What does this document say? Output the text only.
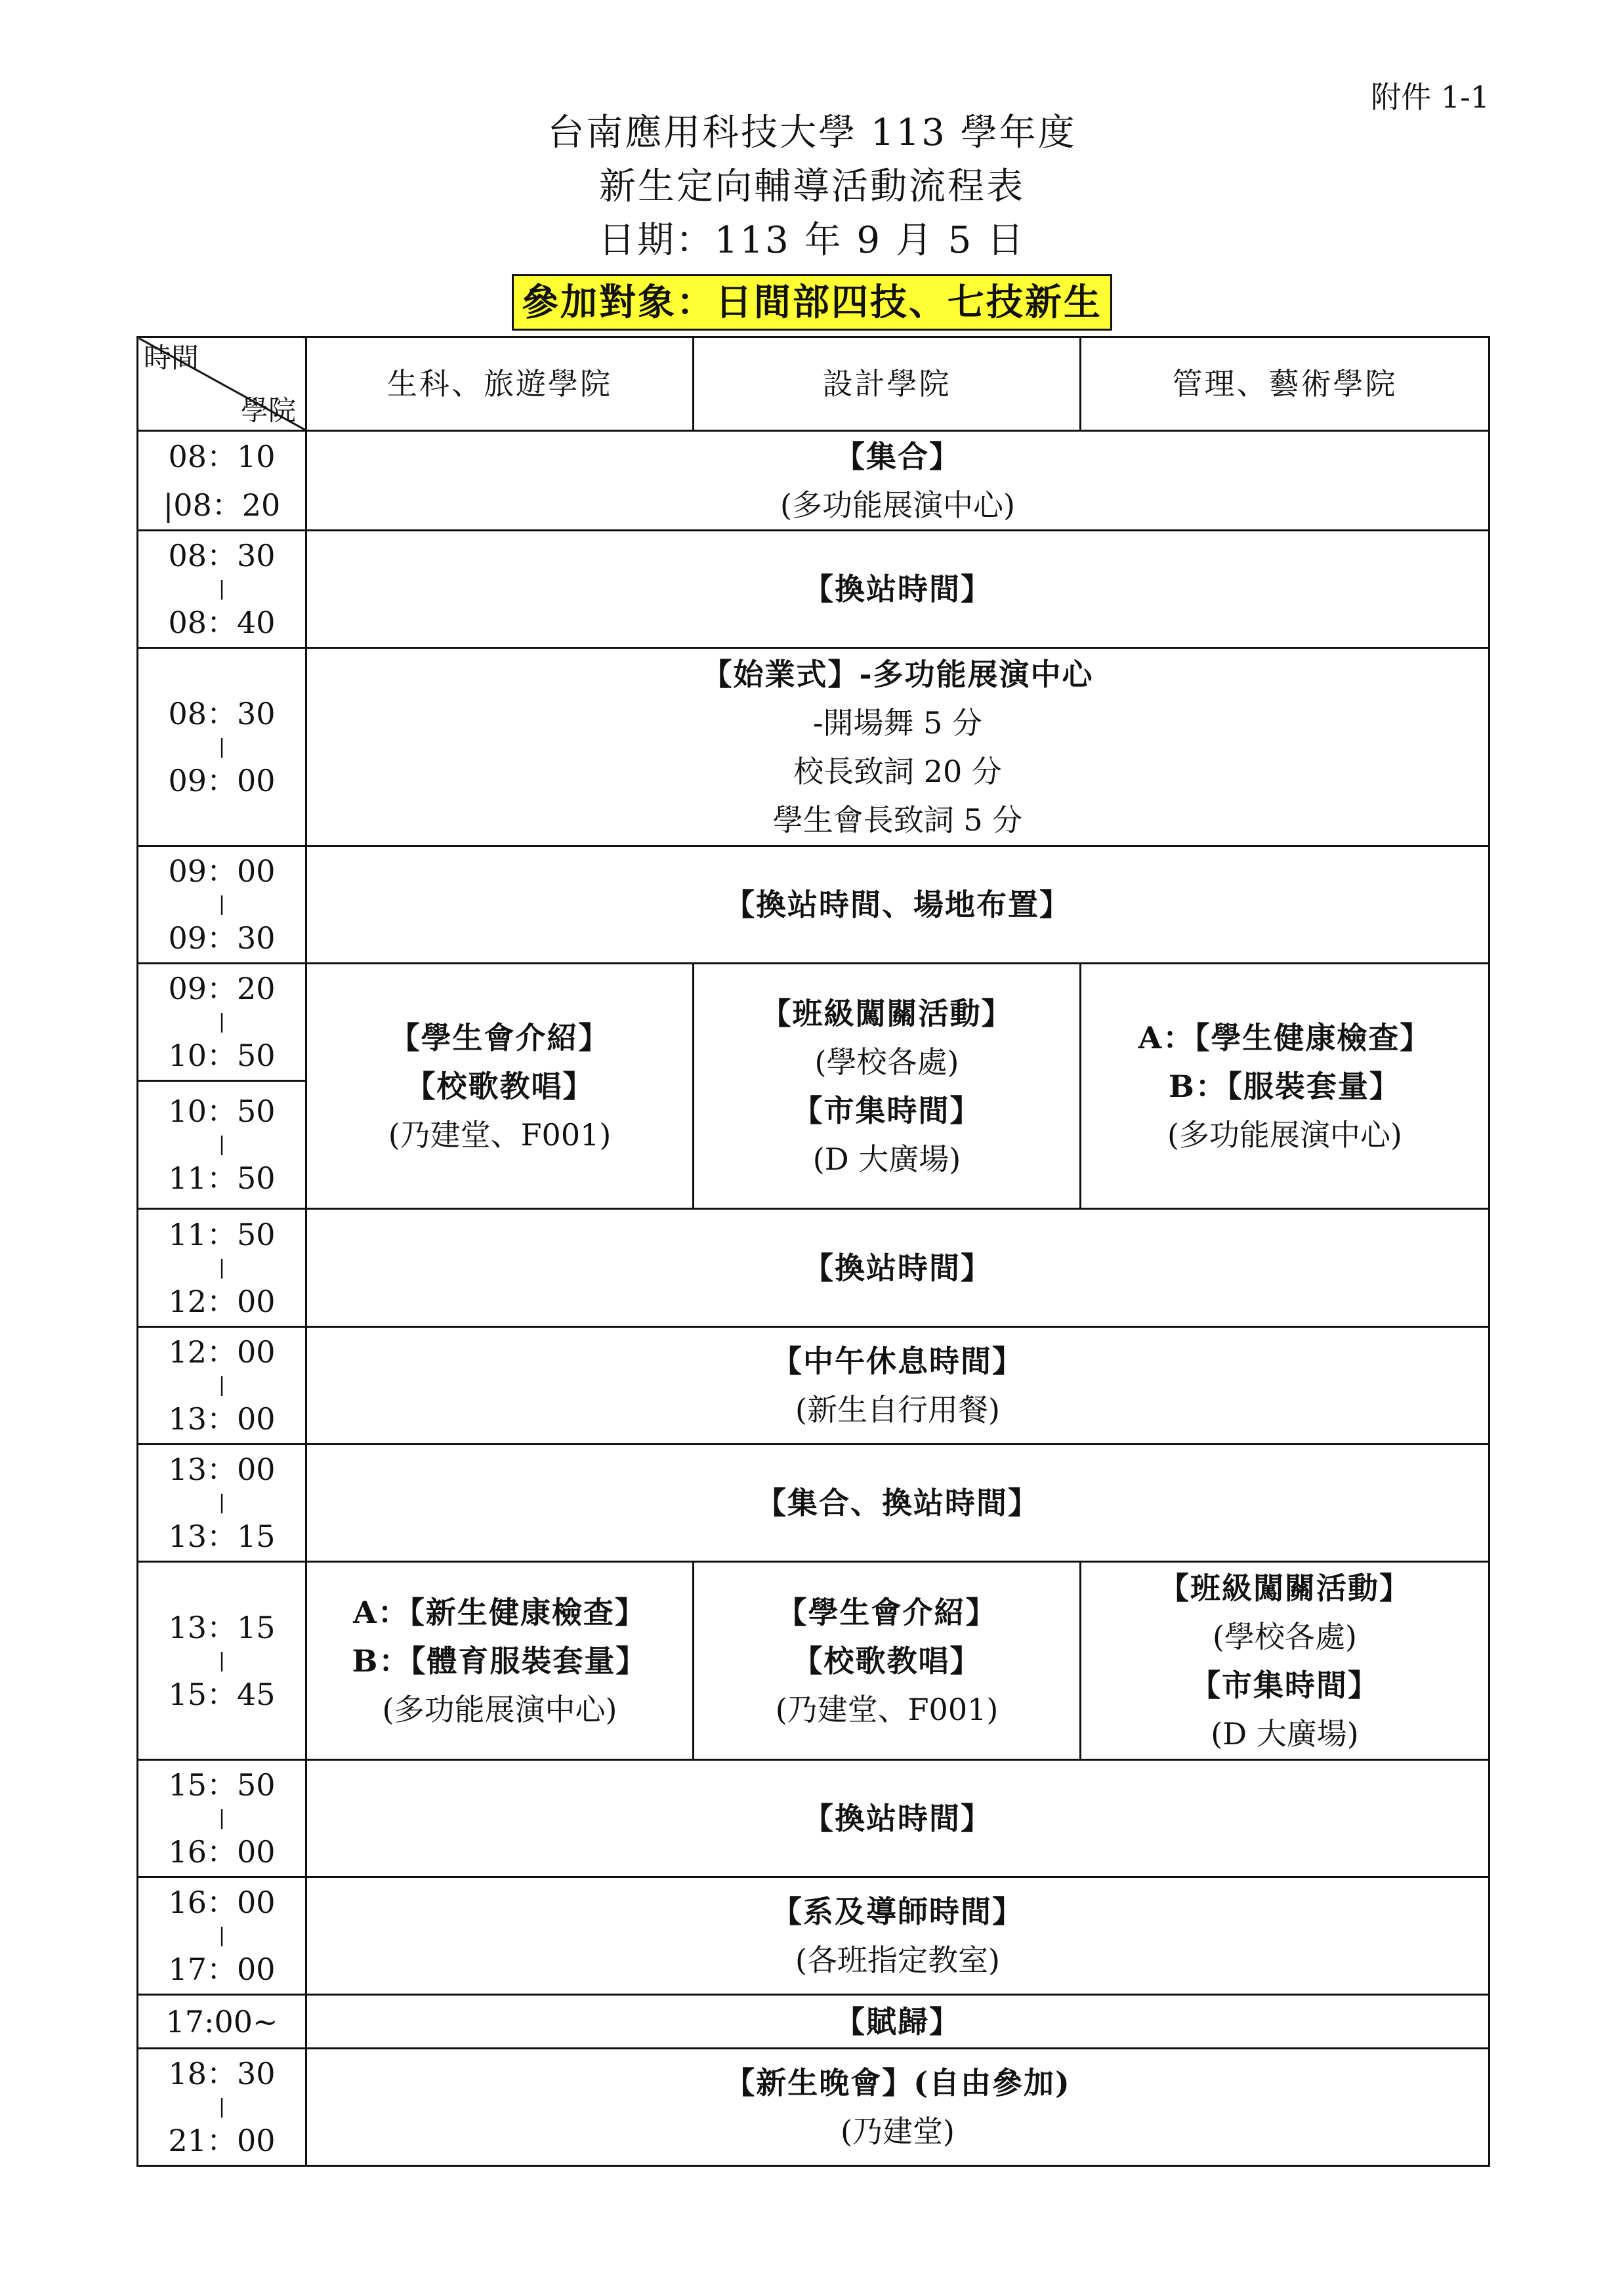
附件 1-1
台南應用科技大學 113 學年度
新生定向輔導活動流程表
日期：113 年 9 月 5 日
參加對象：日間部四技、七技新生
時間
學院	生科、旅遊學院	設計學院	管理、藝術學院

08：10
|08：20	【集合】
(多功能展演中心)		

08：30
|
08：40	【換站時間】		

08：30
|
09：00	【始業式】-多功能展演中心
-開場舞 5 分
校長致詞 20 分
學生會長致詞 5 分		

09：00
|
09：30	【換站時間、場地布置】		

09：20
|
10：50	【學生會介紹】
【校歌教唱】
(乃建堂、F001)	【班級闖關活動】
(學校各處)
【市集時間】
(D 大廣場)	A：【學生健康檢查】
B：【服裝套量】
(多功能展演中心)

10：50
|
11：50			

11：50
|
12：00	【換站時間】		

12：00
|
13：00	【中午休息時間】
(新生自行用餐)		

13：00
|
13：15	【集合、換站時間】		

13：15
|
15：45	A：【新生健康檢查】
B：【體育服裝套量】
(多功能展演中心)	【學生會介紹】
【校歌教唱】
(乃建堂、F001)	【班級闖關活動】
(學校各處)
【市集時間】
(D 大廣場)

15：50
|
16：00	【換站時間】		

16：00
|
17：00	【系及導師時間】
(各班指定教室)		

17:00~	【賦歸】		

18：30
|
21：00	【新生晚會】(自由參加)
(乃建堂)		
